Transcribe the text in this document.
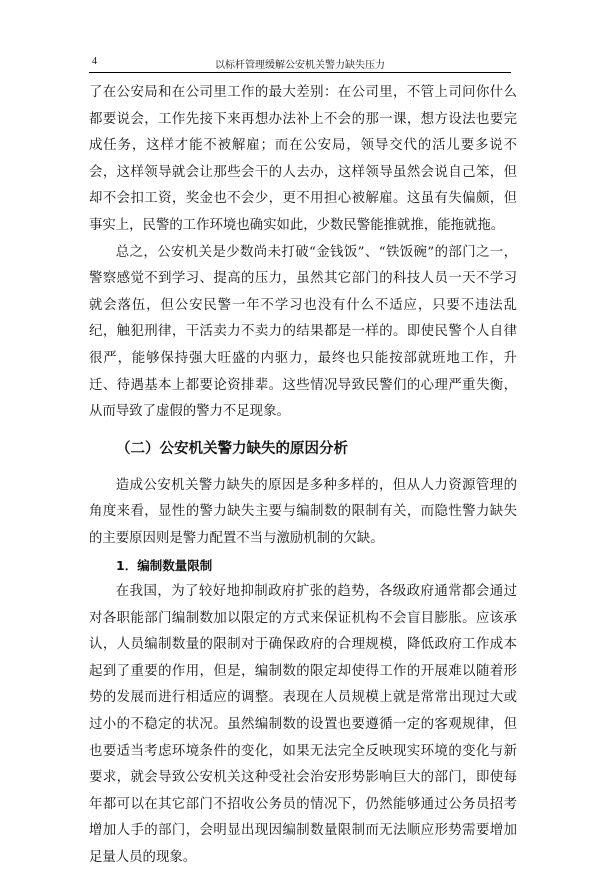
4	以标杆管理缓解公安机关警力缺失压力

了在公安局和在公司里工作的最大差别：在公司里，不管上司问你什么都要说会，工作先接下来再想办法补上不会的那一课，想方设法也要完成任务，这样才能不被解雇；而在公安局，领导交代的活儿要多说不会，这样领导就会让那些会干的人去办，这样领导虽然会说自己笨，但却不会扣工资，奖金也不会少，更不用担心被解雇。这虽有失偏颇，但事实上，民警的工作环境也确实如此，少数民警能推就推，能拖就拖。

总之，公安机关是少数尚未打破“金钱饭”、“铁饭碗”的部门之一，警察感觉不到学习、提高的压力，虽然其它部门的科技人员一天不学习就会落伍，但公安民警一年不学习也没有什么不适应，只要不违法乱纪，触犯刑律，干活卖力不卖力的结果都是一样的。即使民警个人自律很严，能够保持强大旺盛的内驱力，最终也只能按部就班地工作，升迁、待遇基本上都要论资排辈。这些情况导致民警们的心理严重失衡，从而导致了虚假的警力不足现象。

（二）公安机关警力缺失的原因分析

造成公安机关警力缺失的原因是多种多样的，但从人力资源管理的角度来看，显性的警力缺失主要与编制数的限制有关，而隐性警力缺失的主要原因则是警力配置不当与激励机制的欠缺。

1．编制数量限制

在我国，为了较好地抑制政府扩张的趋势，各级政府通常都会通过对各职能部门编制数加以限定的方式来保证机构不会盲目膨胀。应该承认，人员编制数量的限制对于确保政府的合理规模，降低政府工作成本起到了重要的作用，但是，编制数的限定却使得工作的开展难以随着形势的发展而进行相适应的调整。表现在人员规模上就是常常出现过大或过小的不稳定的状况。虽然编制数的设置也要遵循一定的客观规律，但也要适当考虑环境条件的变化，如果无法完全反映现实环境的变化与新要求，就会导致公安机关这种受社会治安形势影响巨大的部门，即使每年都可以在其它部门不招收公务员的情况下，仍然能够通过公务员招考增加人手的部门，会明显出现因编制数量限制而无法顺应形势需要增加足量人员的现象。
